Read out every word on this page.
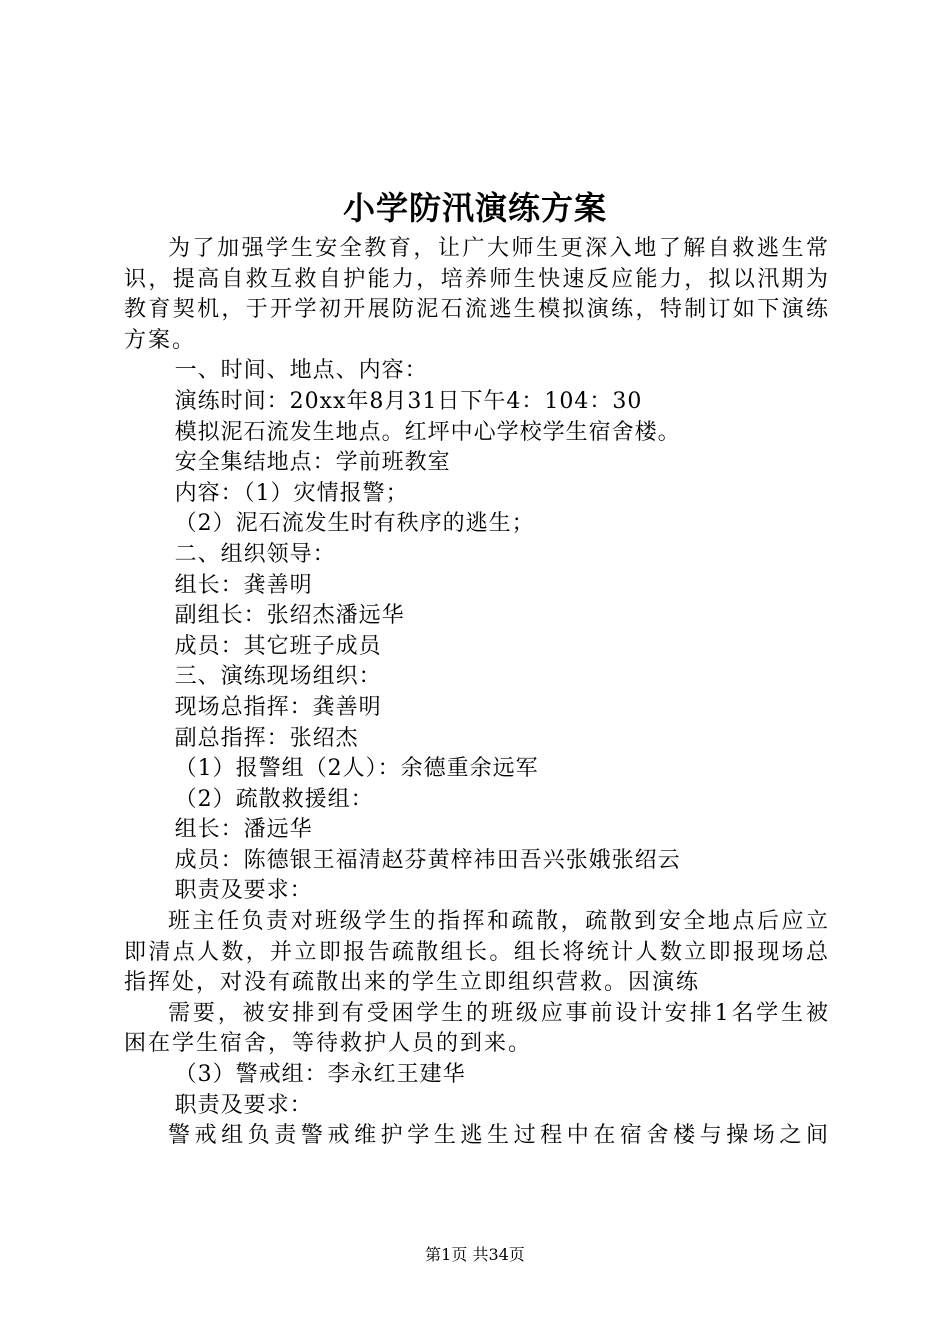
小学防汛演练方案

为了加强学生安全教育，让广大师生更深入地了解自救逃生常识，提高自救互救自护能力，培养师生快速反应能力，拟以汛期为教育契机，于开学初开展防泥石流逃生模拟演练，特制订如下演练方案。

一、时间、地点、内容：

演练时间：20xx年8月31日下午4：104：30

模拟泥石流发生地点。红坪中心学校学生宿舍楼。

安全集结地点：学前班教室

内容：（1）灾情报警；

（2）泥石流发生时有秩序的逃生；

二、组织领导：

组长：龚善明

副组长：张绍杰潘远华

成员：其它班子成员

三、演练现场组织：

现场总指挥：龚善明

副总指挥：张绍杰

（1）报警组（2人）：余德重余远军

（2）疏散救援组：

组长：潘远华

成员：陈德银王福清赵芬黄梓祎田吾兴张娥张绍云

职责及要求：

班主任负责对班级学生的指挥和疏散，疏散到安全地点后应立即清点人数，并立即报告疏散组长。组长将统计人数立即报现场总指挥处，对没有疏散出来的学生立即组织营救。因演练

需要，被安排到有受困学生的班级应事前设计安排1名学生被困在学生宿舍，等待救护人员的到来。

（3）警戒组：李永红王建华

职责及要求：

警戒组负责警戒维护学生逃生过程中在宿舍楼与操场之间

第1页 共34页
